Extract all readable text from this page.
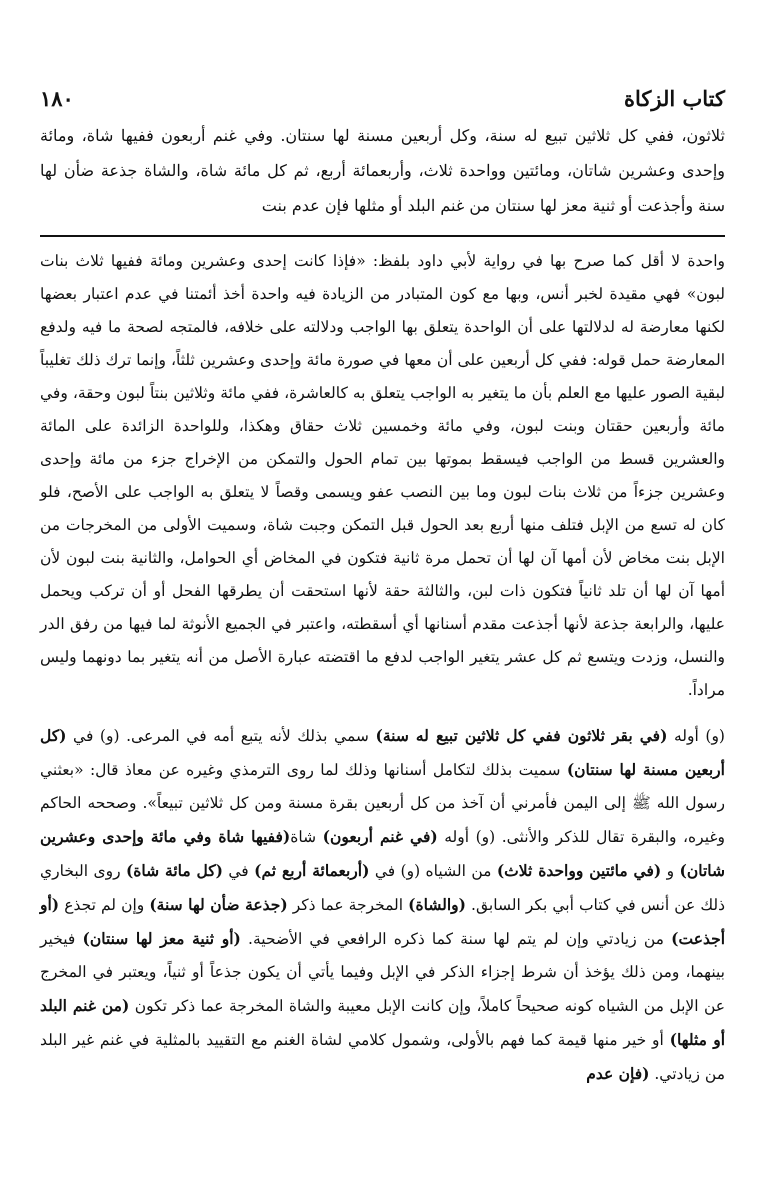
كتاب الزكاة
١٨٠

ثلاثون، ففي كل ثلاثين تبيع له سنة، وكل أربعين مسنة لها سنتان. وفي غنم أربعون ففيها شاة، ومائة وإحدى وعشرين شاتان، ومائتين وواحدة ثلاث، وأربعمائة أربع، ثم كل مائة شاة، والشاة جذعة ضأن لها سنة وأجذعت أو ثنية معز لها سنتان من غنم البلد أو مثلها فإن عدم بنت

واحدة لا أقل كما صرح بها في رواية لأبي داود بلفظ: «فإذا كانت إحدى وعشرين ومائة ففيها ثلاث بنات لبون» فهي مقيدة لخبر أنس، وبها مع كون المتبادر من الزيادة فيه واحدة أخذ أئمتنا في عدم اعتبار بعضها لكنها معارضة له لدلالتها على أن الواحدة يتعلق بها الواجب ودلالته على خلافه، فالمتجه لصحة ما فيه ولدفع المعارضة حمل قوله: ففي كل أربعين على أن معها في صورة مائة وإحدى وعشرين ثلثاً، وإنما ترك ذلك تغليباً لبقية الصور عليها مع العلم بأن ما يتغير به الواجب يتعلق به كالعاشرة، ففي مائة وثلاثين بنتاً لبون وحقة، وفي مائة وأربعين حقتان وبنت لبون، وفي مائة وخمسين ثلاث حقاق وهكذا، وللواحدة الزائدة على المائة والعشرين قسط من الواجب فيسقط بموتها بين تمام الحول والتمكن من الإخراج جزء من مائة وإحدى وعشرين جزءاً من ثلاث بنات لبون وما بين النصب عفو ويسمى وقصاً لا يتعلق به الواجب على الأصح، فلو كان له تسع من الإبل فتلف منها أربع بعد الحول قبل التمكن وجبت شاة، وسميت الأولى من المخرجات من الإبل بنت مخاض لأن أمها آن لها أن تحمل مرة ثانية فتكون في المخاض أي الحوامل، والثانية بنت لبون لأن أمها آن لها أن تلد ثانياً فتكون ذات لبن، والثالثة حقة لأنها استحقت أن يطرقها الفحل أو أن تركب ويحمل عليها، والرابعة جذعة لأنها أجذعت مقدم أسنانها أي أسقطته، واعتبر في الجميع الأنوثة لما فيها من رفق الدر والنسل، وزدت ويتسع ثم كل عشر يتغير الواجب لدفع ما اقتضته عبارة الأصل من أنه يتغير بما دونهما وليس مراداً.

(و) أوله (في بقر ثلاثون ففي كل ثلاثين تبيع له سنة) سمي بذلك لأنه يتبع أمه في المرعى. (و) في (كل أربعين مسنة لها سنتان) سميت بذلك لتكامل أسنانها وذلك لما روى الترمذي وغيره عن معاذ قال: «بعثني رسول الله ﷺ إلى اليمن فأمرني أن آخذ من كل أربعين بقرة مسنة ومن كل ثلاثين تبيعاً». وصححه الحاكم وغيره، والبقرة تقال للذكر والأنثى. (و) أوله (في غنم أربعون) شاة(ففيها شاة وفي مائة وإحدى وعشرين شاتان) و (في مائتين وواحدة ثلاث) من الشياه (و) في (أربعمائة أربع ثم) في (كل مائة شاة) روى البخاري ذلك عن أنس في كتاب أبي بكر السابق. (والشاة) المخرجة عما ذكر (جذعة ضأن لها سنة) وإن لم تجذع (أو أجذعت) من زيادتي وإن لم يتم لها سنة كما ذكره الرافعي في الأضحية. (أو ثنية معز لها سنتان) فيخير بينهما، ومن ذلك يؤخذ أن شرط إجزاء الذكر في الإبل وفيما يأتي أن يكون جذعاً أو ثنياً، ويعتبر في المخرج عن الإبل من الشياه كونه صحيحاً كاملاً، وإن كانت الإبل معيبة والشاة المخرجة عما ذكر تكون (من غنم البلد أو مثلها) أو خير منها قيمة كما فهم بالأولى، وشمول كلامي لشاة الغنم مع التقييد بالمثلية في غنم غير البلد من زيادتي. (فإن عدم
